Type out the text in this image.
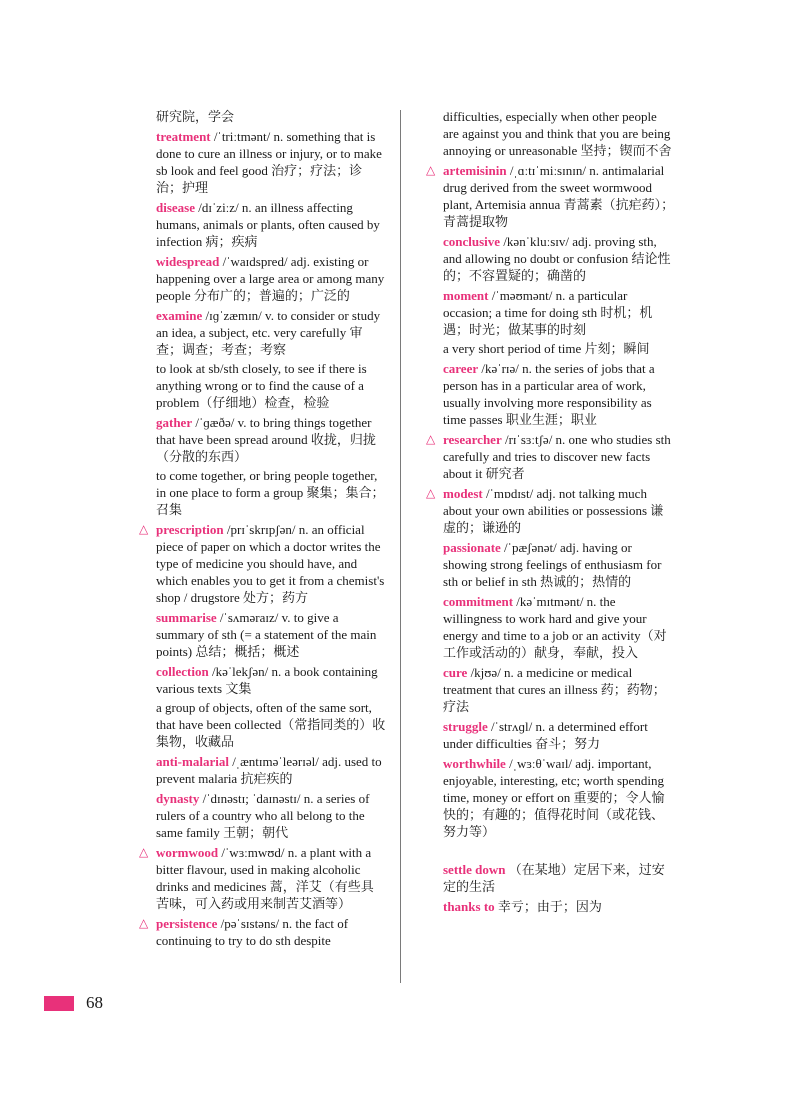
研究院，学会
treatment /ˈtriːtmənt/ n. something that is done to cure an illness or injury, or to make sb look and feel good 治疗；疗法；诊治；护理
disease /dɪˈziːz/ n. an illness affecting humans, animals or plants, often caused by infection 病；疾病
widespread /ˈwaɪdspred/ adj. existing or happening over a large area or among many people 分布广的；普遍的；广泛的
examine /ɪɡˈzæmɪn/ v. to consider or study an idea, a subject, etc. very carefully 审查；调查；考查；考察
to look at sb/sth closely, to see if there is anything wrong or to find the cause of a problem（仔细地）检查，检验
gather /ˈɡæðə/ v. to bring things together that have been spread around 收拢，归拢（分散的东西）
to come together, or bring people together, in one place to form a group 聚集；集合；召集
△ prescription /prɪˈskrɪpʃən/ n. an official piece of paper on which a doctor writes the type of medicine you should have, and which enables you to get it from a chemist's shop / drugstore 处方；药方
summarise /ˈsʌməraɪz/ v. to give a summary of sth (= a statement of the main points) 总结；概括；概述
collection /kəˈlekʃən/ n. a book containing various texts 文集
a group of objects, often of the same sort, that have been collected（常指同类的）收集物，收藏品
anti-malarial /ˌæntɪməˈleərɪəl/ adj. used to prevent malaria 抗疟疾的
dynasty /ˈdɪnəstɪ; ˈdaɪnəstɪ/ n. a series of rulers of a country who all belong to the same family 王朝；朝代
△ wormwood /ˈwɜːmwʊd/ n. a plant with a bitter flavour, used in making alcoholic drinks and medicines 蒿，洋艾（有些具苦味，可入药或用来制苦艾酒等）
△ persistence /pəˈsɪstəns/ n. the fact of continuing to try to do sth despite
difficulties, especially when other people are against you and think that you are being annoying or unreasonable 坚持；锲而不舍
△ artemisinin /ˌɑːtɪˈmiːsɪnɪn/ n. antimalarial drug derived from the sweet wormwood plant, Artemisia annua 青蒿素（抗疟药）；青蒿提取物
conclusive /kənˈkluːsɪv/ adj. proving sth, and allowing no doubt or confusion 结论性的；不容置疑的；确凿的
moment /ˈməʊmənt/ n. a particular occasion; a time for doing sth 时机；机遇；时光；做某事的时刻
a very short period of time 片刻；瞬间
career /kəˈrɪə/ n. the series of jobs that a person has in a particular area of work, usually involving more responsibility as time passes 职业生涯；职业
△ researcher /rɪˈsɜːtʃə/ n. one who studies sth carefully and tries to discover new facts about it 研究者
△ modest /ˈmɒdɪst/ adj. not talking much about your own abilities or possessions 谦虚的；谦逊的
passionate /ˈpæʃənət/ adj. having or showing strong feelings of enthusiasm for sth or belief in sth 热诚的；热情的
commitment /kəˈmɪtmənt/ n. the willingness to work hard and give your energy and time to a job or an activity（对工作或活动的）献身，奉献，投入
cure /kjʊə/ n. a medicine or medical treatment that cures an illness 药；药物；疗法
struggle /ˈstrʌɡl/ n. a determined effort under difficulties 奋斗；努力
worthwhile /ˌwɜːθˈwaɪl/ adj. important, enjoyable, interesting, etc; worth spending time, money or effort on 重要的；令人愉快的；有趣的；值得花时间（或花钱、努力等）
settle down （在某地）定居下来，过安定的生活
thanks to 幸亏；由于；因为
68
